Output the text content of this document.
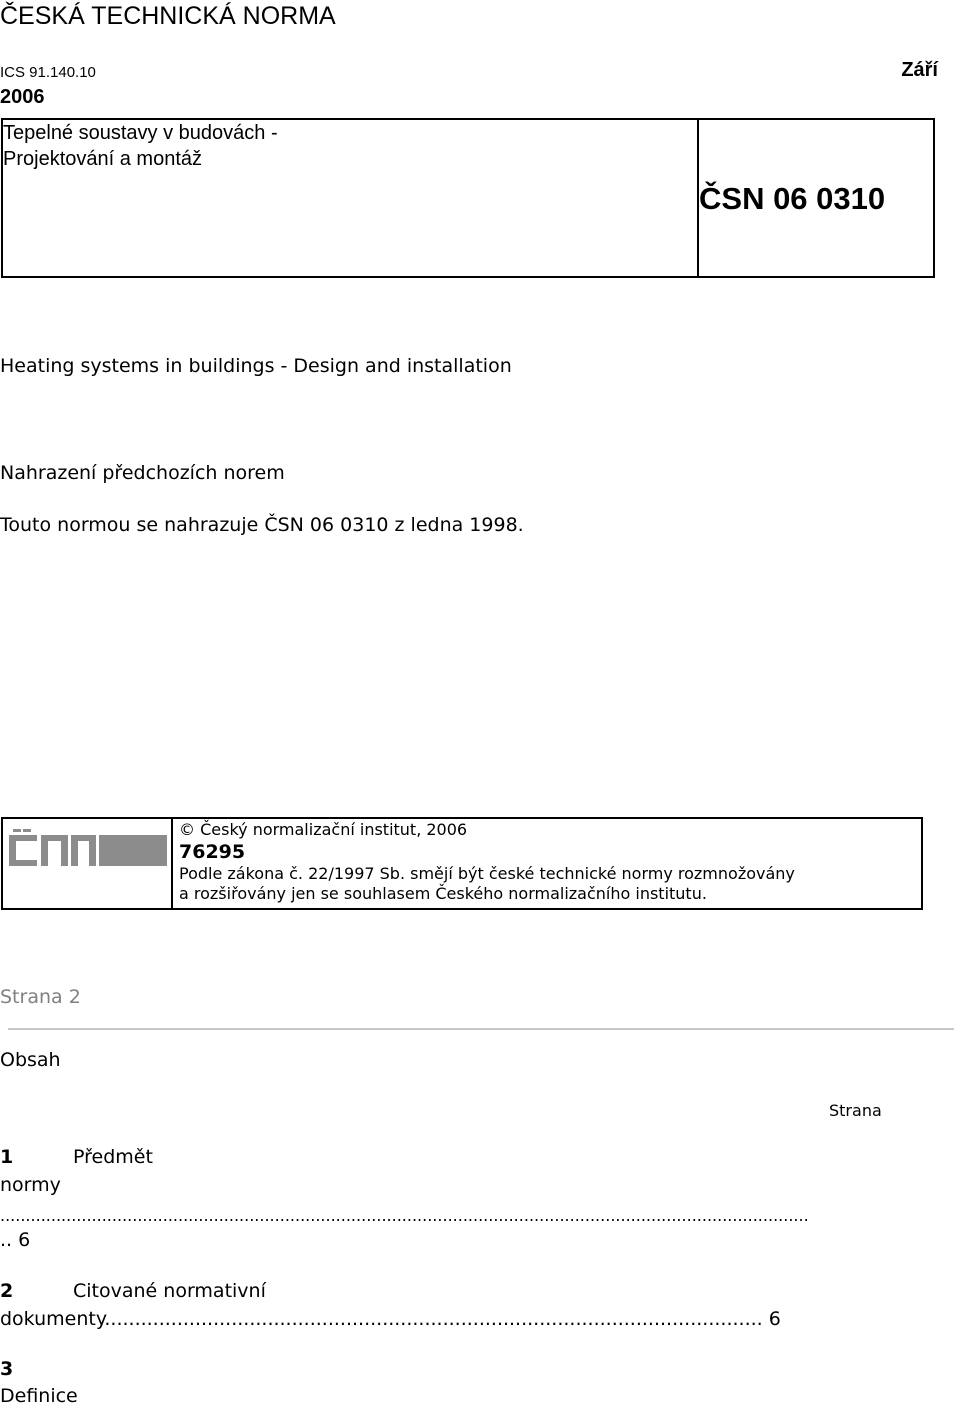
ČESKÁ TECHNICKÁ NORMA
ICS 91.140.10	Září
2006
Tepelné soustavy v budovách -
Projektování a montáž
ČSN 06 0310
Heating systems in buildings - Design and installation
Nahrazení předchozích norem
Touto normou se nahrazuje ČSN 06 0310 z ledna 1998.
© Český normalizační institut, 2006
76295
Podle zákona č. 22/1997 Sb. smějí být české technické normy rozmnožovány
a rozšiřovány jen se souhlasem Českého normalizačního institutu.
Strana 2
Obsah
Strana
1	Předmět
normy
...............................................................................................................................................................
.. 6
2	Citované normativní
dokumenty............................................................................................................. 6
3
Definice
